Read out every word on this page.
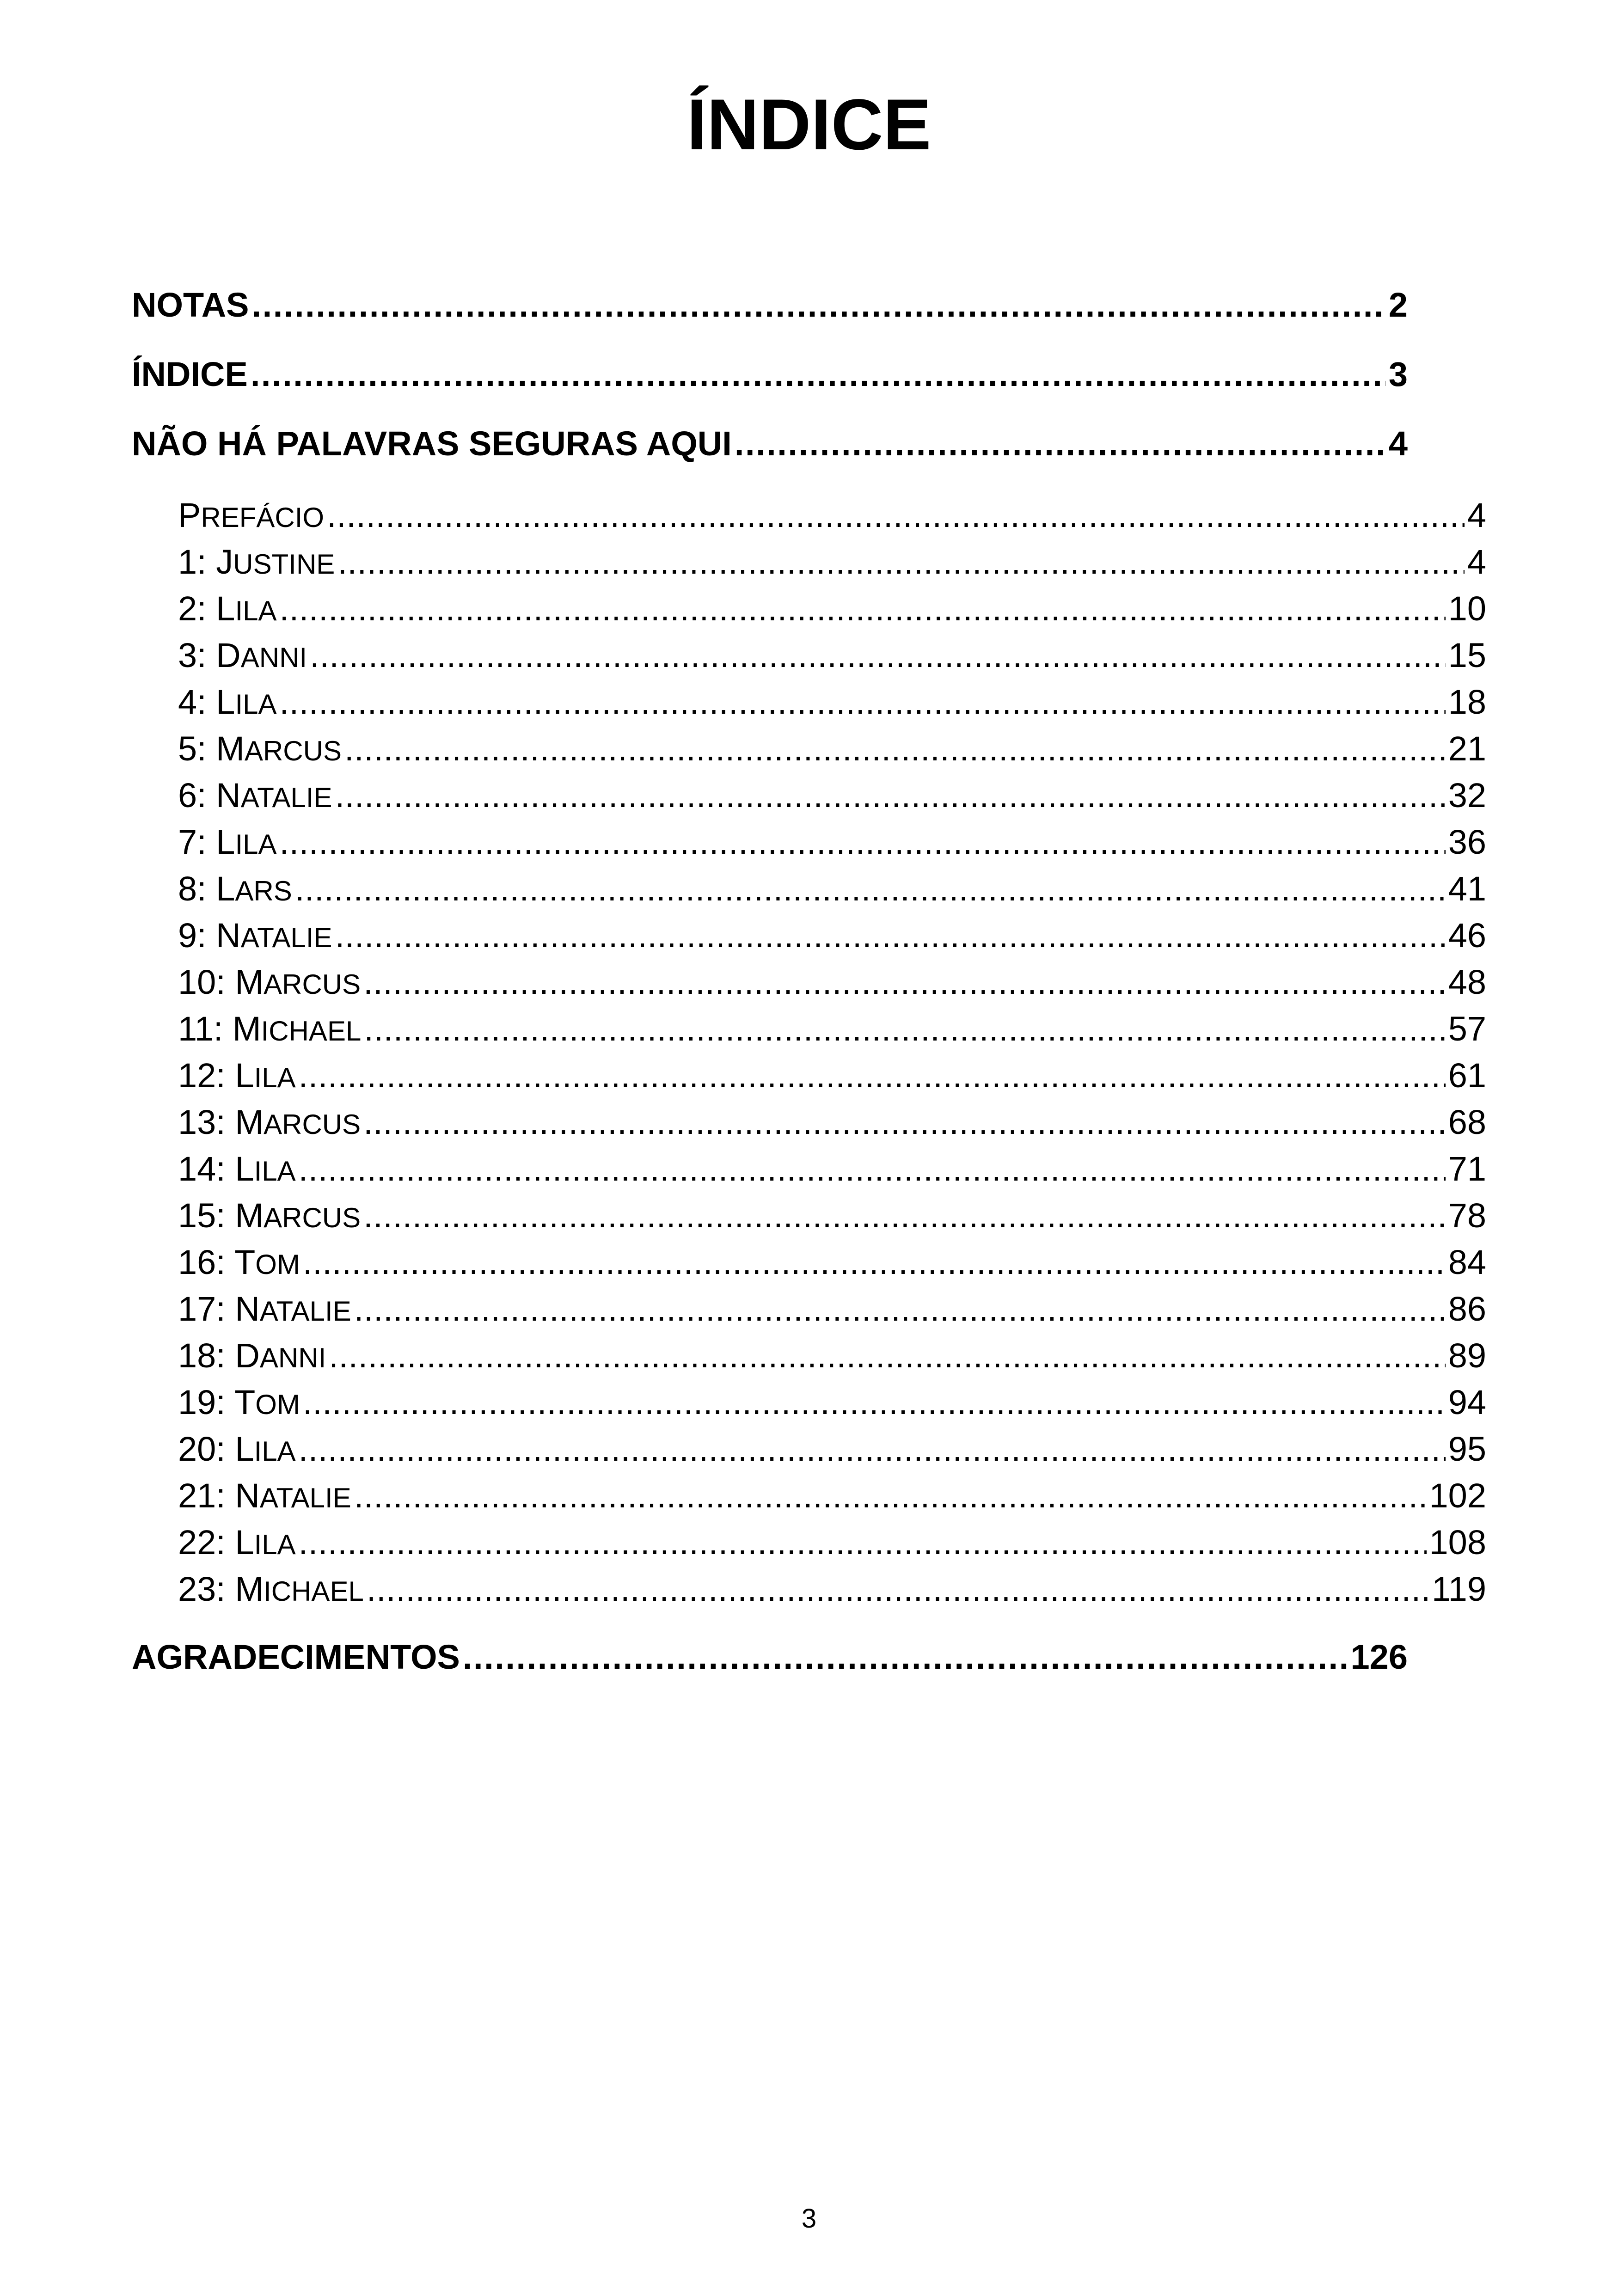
ÍNDICE
NOTAS . . .	2
ÍNDICE . . .	3
NÃO HÁ PALAVRAS SEGURAS AQUI . . .	4
PREFÁCIO . . .	4
1: JUSTINE . . .	4
2: LILA . . .	10
3: DANNI . . .	15
4: LILA . . .	18
5: MARCUS . . .	21
6: NATALIE . . .	32
7: LILA . . .	36
8: LARS . . .	41
9: NATALIE . . .	46
10: MARCUS . . .	48
11: MICHAEL . . .	57
12: LILA . . .	61
13: MARCUS . . .	68
14: LILA . . .	71
15: MARCUS . . .	78
16: TOM . . .	84
17: NATALIE . . .	86
18: DANNI . . .	89
19: TOM . . .	94
20: LILA . . .	95
21: NATALIE . . .	102
22: LILA . . .	108
23: MICHAEL . . .	119
AGRADECIMENTOS . . .	126
3
